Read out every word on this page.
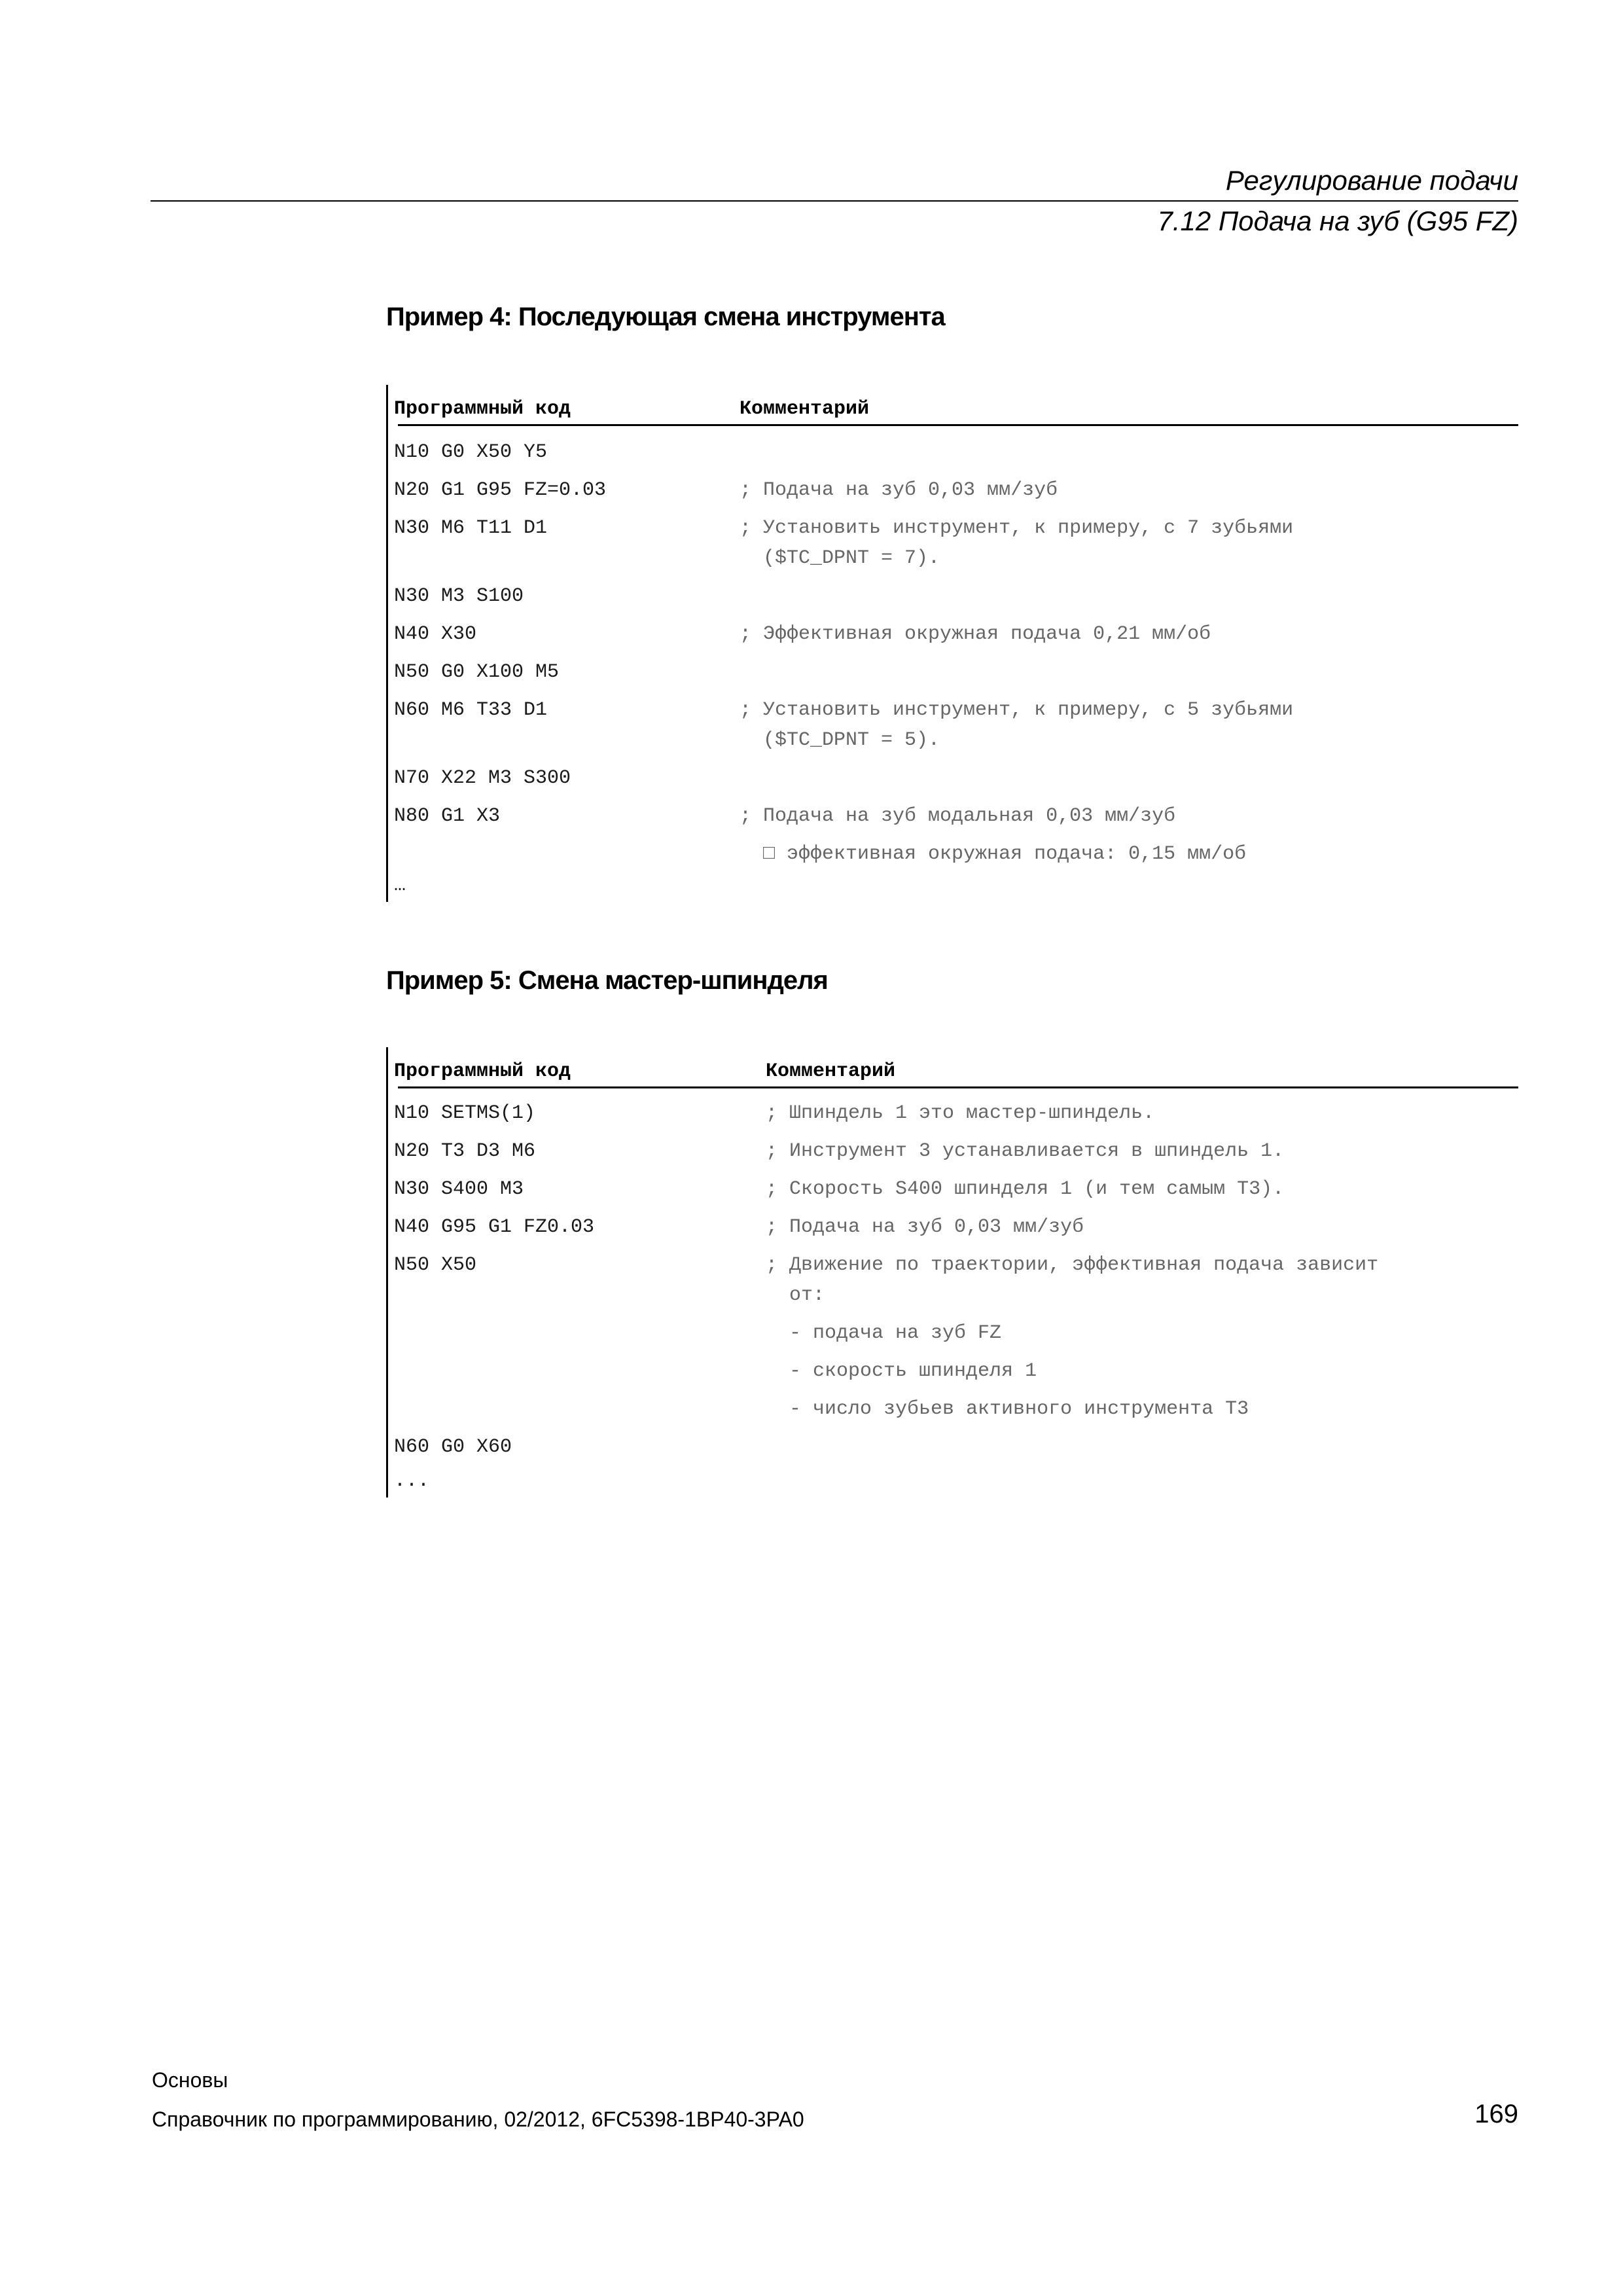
Регулирование подачи
7.12 Подача на зуб (G95 FZ)
Пример 4: Последующая смена инструмента
Программный код	Комментарий
N10 G0 X50 Y5
N20 G1 G95 FZ=0.03	; Подача на зуб 0,03 мм/зуб
N30 M6 T11 D1	; Установить инструмент, к примеру, с 7 зубьями
($TC_DPNT = 7).
N30 M3 S100
N40 X30	; Эффективная окружная подача 0,21 мм/об
N50 G0 X100 M5
N60 M6 T33 D1	; Установить инструмент, к примеру, с 5 зубьями
($TC_DPNT = 5).
N70 X22 M3 S300
N80 G1 X3	; Подача на зуб модальная 0,03 мм/зуб
□ эффективная окружная подача: 0,15 мм/об
…
Пример 5: Смена мастер-шпинделя
Программный код	Комментарий
N10 SETMS(1)	; Шпиндель 1 это мастер-шпиндель.
N20 T3 D3 M6	; Инструмент 3 устанавливается в шпиндель 1.
N30 S400 M3	; Скорость S400 шпинделя 1 (и тем самым T3).
N40 G95 G1 FZ0.03	; Подача на зуб 0,03 мм/зуб
N50 X50	; Движение по траектории, эффективная подача зависит
от:
- подача на зуб FZ
- скорость шпинделя 1
- число зубьев активного инструмента T3
N60 G0 X60
...
Основы
Справочник по программированию, 02/2012, 6FC5398-1BP40-3PA0	169
